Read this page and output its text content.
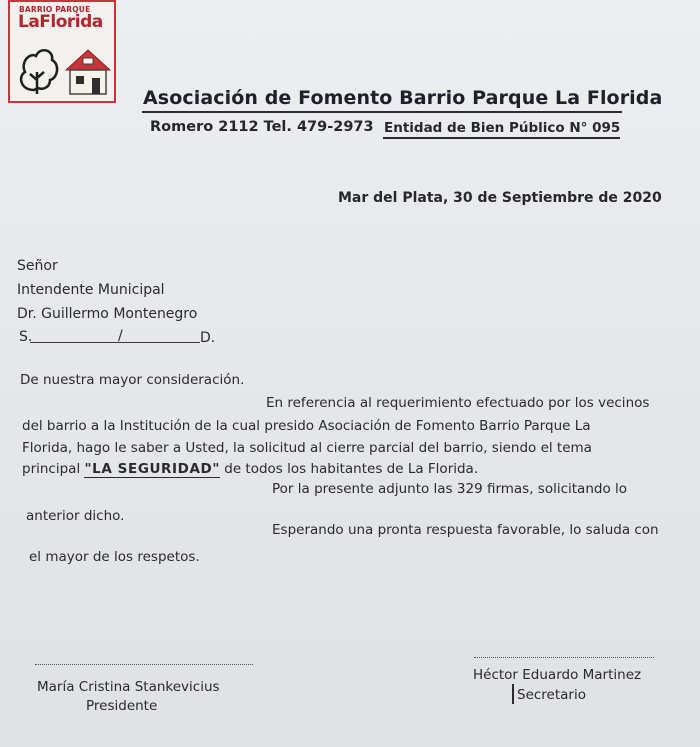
BARRIO PARQUE
LaFlorida
Asociación de Fomento Barrio Parque La Florida
Romero 2112 Tel. 479-2973 Entidad de Bien Público N° 095
Mar del Plata, 30 de Septiembre de 2020
Señor
Intendente Municipal
Dr. Guillermo Montenegro
S.	/	D.
De nuestra mayor consideración.
En referencia al requerimiento efectuado por los vecinos
del barrio a la Institución de la cual presido Asociación de Fomento Barrio Parque La
Florida, hago le saber a Usted, la solicitud al cierre parcial del barrio, siendo el tema
principal "LA SEGURIDAD" de todos los habitantes de La Florida.
Por la presente adjunto las 329 firmas, solicitando lo
anterior dicho.
Esperando una pronta respuesta favorable, lo saluda con
el mayor de los respetos.
María Cristina Stankevicius
Presidente
Héctor Eduardo Martinez
Secretario
